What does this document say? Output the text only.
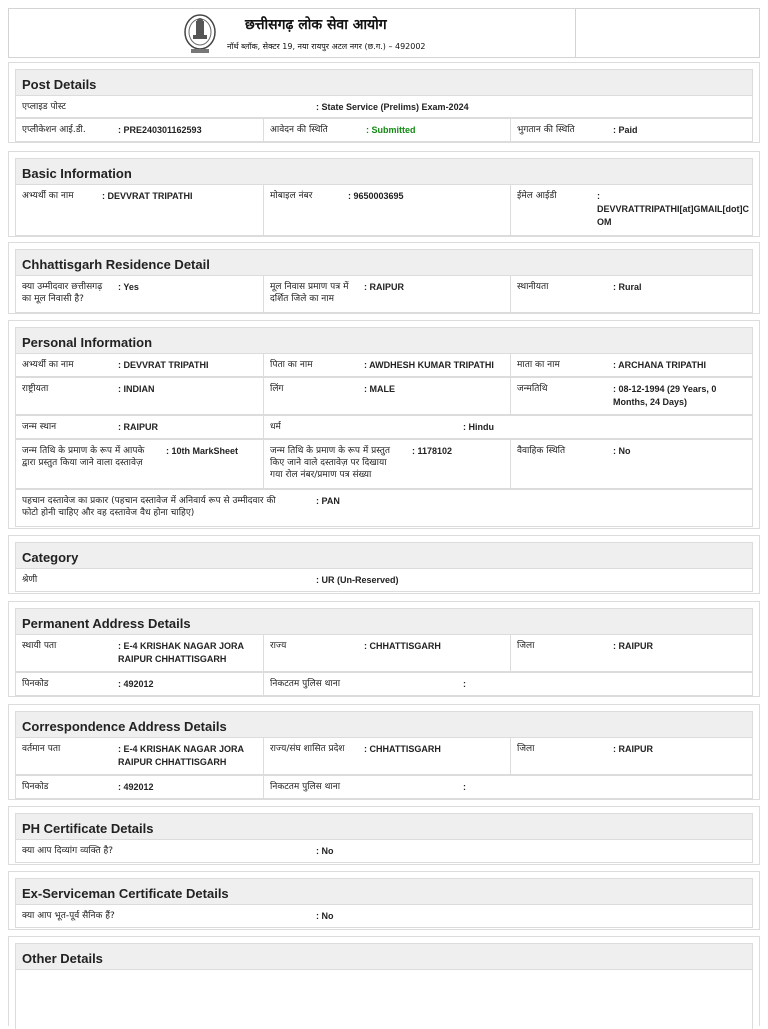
छत्तीसगढ़ लोक सेवा आयोग
नॉर्थ ब्लॉक, सेक्टर 19, नया रायपुर अटल नगर (छ.ग.) – 492002
Post Details
एप्लाइड पोस्ट	: State Service (Prelims) Exam-2024
एप्लीकेशन आई.डी.	: PRE240301162593	आवेदन की स्थिति	: Submitted	भुगतान की स्थिति	: Paid
Basic Information
अभ्यर्थी का नाम	: DEVVRAT TRIPATHI	मोबाइल नंबर	: 9650003695	ईमेल आईडी	:
DEVVRATTRIPATHI[at]GMAIL[dot]C
OM
Chhattisgarh Residence Detail
क्या उम्मीदवार छत्तीसगढ़
का मूल निवासी है?
: Yes	मूल निवास प्रमाण पत्र में
दर्शित जिले का नाम
: RAIPUR	स्थानीयता	: Rural
Personal Information
अभ्यर्थी का नाम	: DEVVRAT TRIPATHI	पिता का नाम	: AWDHESH KUMAR TRIPATHI	माता का नाम	: ARCHANA TRIPATHI
राष्ट्रीयता	: INDIAN	लिंग	: MALE	जन्मतिथि	: 08-12-1994 (29 Years, 0
Months, 24 Days)
जन्म स्थान	: RAIPUR	धर्म	: Hindu
जन्म तिथि के प्रमाण के रूप में आपके
द्वारा प्रस्तुत किया जाने वाला दस्तावेज़
: 10th MarkSheet	जन्म तिथि के प्रमाण के रूप में प्रस्तुत
किए जाने वाले दस्तावेज़ पर दिखाया
गया रोल नंबर/प्रमाण पत्र संख्या
: 1178102	वैवाहिक स्थिति	: No
पहचान दस्तावेज का प्रकार (पहचान दस्तावेज में अनिवार्य रूप से उम्मीदवार की
फोटो होनी चाहिए और वह दस्तावेज वैध होना चाहिए)
: PAN
Category
श्रेणी	: UR (Un-Reserved)
Permanent Address Details
स्थायी पता	: E-4 KRISHAK NAGAR JORA
RAIPUR CHHATTISGARH
राज्य	: CHHATTISGARH	जिला	: RAIPUR
पिनकोड	: 492012	निकटतम पुलिस थाना	:
Correspondence Address Details
वर्तमान पता	: E-4 KRISHAK NAGAR JORA
RAIPUR CHHATTISGARH
राज्य/संघ शासित प्रदेश : CHHATTISGARH	जिला	: RAIPUR
पिनकोड	: 492012	निकटतम पुलिस थाना	:
PH Certificate Details
क्या आप दिव्यांग व्यक्ति है?	: No
Ex-Serviceman Certificate Details
क्या आप भूत-पूर्व सैनिक हैं?	: No
Other Details
